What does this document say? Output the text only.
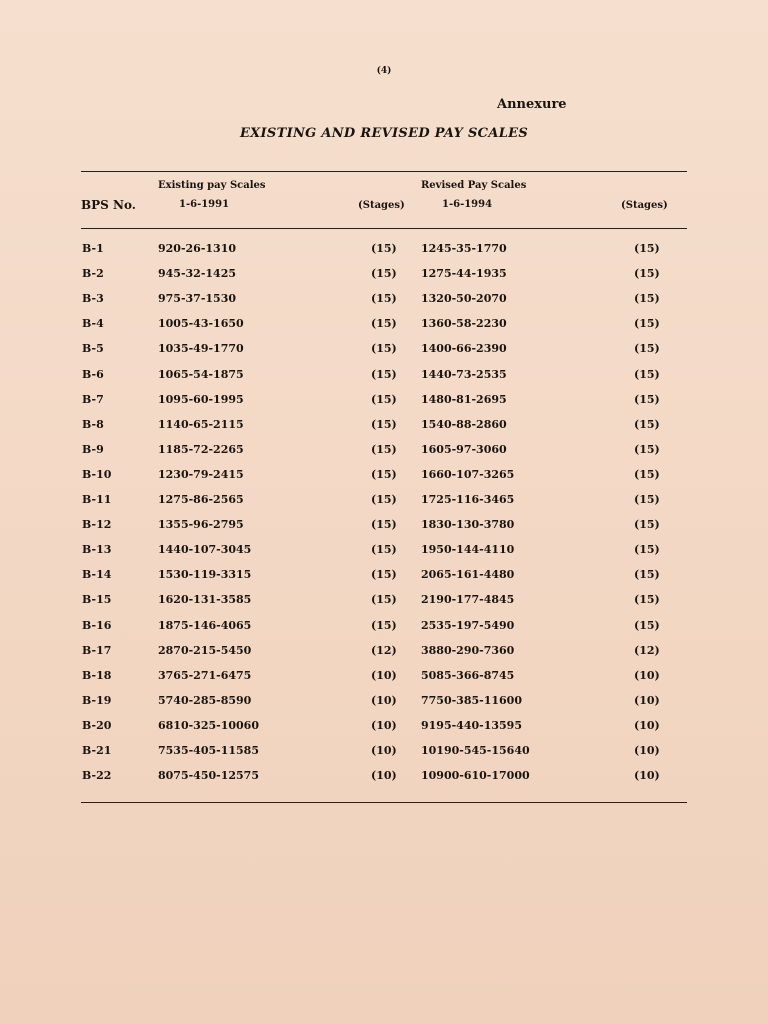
(4)
Annexure
EXISTING AND REVISED PAY SCALES
Existing pay Scales	Revised Pay Scales
BPS No.	1-6-1991	(Stages)	1-6-1994	(Stages)
B-1	920-26-1310	(15) 1245-35-1770	(15)
B-2	945-32-1425	(15) 1275-44-1935	(15)
B-3	975-37-1530	(15) 1320-50-2070	(15)
B-4	1005-43-1650	(15) 1360-58-2230	(15)
B-5	1035-49-1770	(15) 1400-66-2390	(15)
B-6	1065-54-1875	(15) 1440-73-2535	(15)
B-7	1095-60-1995	(15) 1480-81-2695	(15)
B-8	1140-65-2115	(15) 1540-88-2860	(15)
B-9	1185-72-2265	(15) 1605-97-3060	(15)
B-10	1230-79-2415	(15) 1660-107-3265	(15)
B-11	1275-86-2565	(15) 1725-116-3465	(15)
B-12	1355-96-2795	(15) 1830-130-3780	(15)
B-13	1440-107-3045	(15) 1950-144-4110	(15)
B-14	1530-119-3315	(15) 2065-161-4480	(15)
B-15	1620-131-3585	(15) 2190-177-4845	(15)
B-16	1875-146-4065	(15) 2535-197-5490	(15)
B-17	2870-215-5450	(12) 3880-290-7360	(12)
B-18	3765-271-6475	(10) 5085-366-8745	(10)
B-19	5740-285-8590	(10) 7750-385-11600	(10)
B-20	6810-325-10060	(10) 9195-440-13595	(10)
B-21	7535-405-11585	(10) 10190-545-15640	(10)
B-22	8075-450-12575	(10) 10900-610-17000	(10)
